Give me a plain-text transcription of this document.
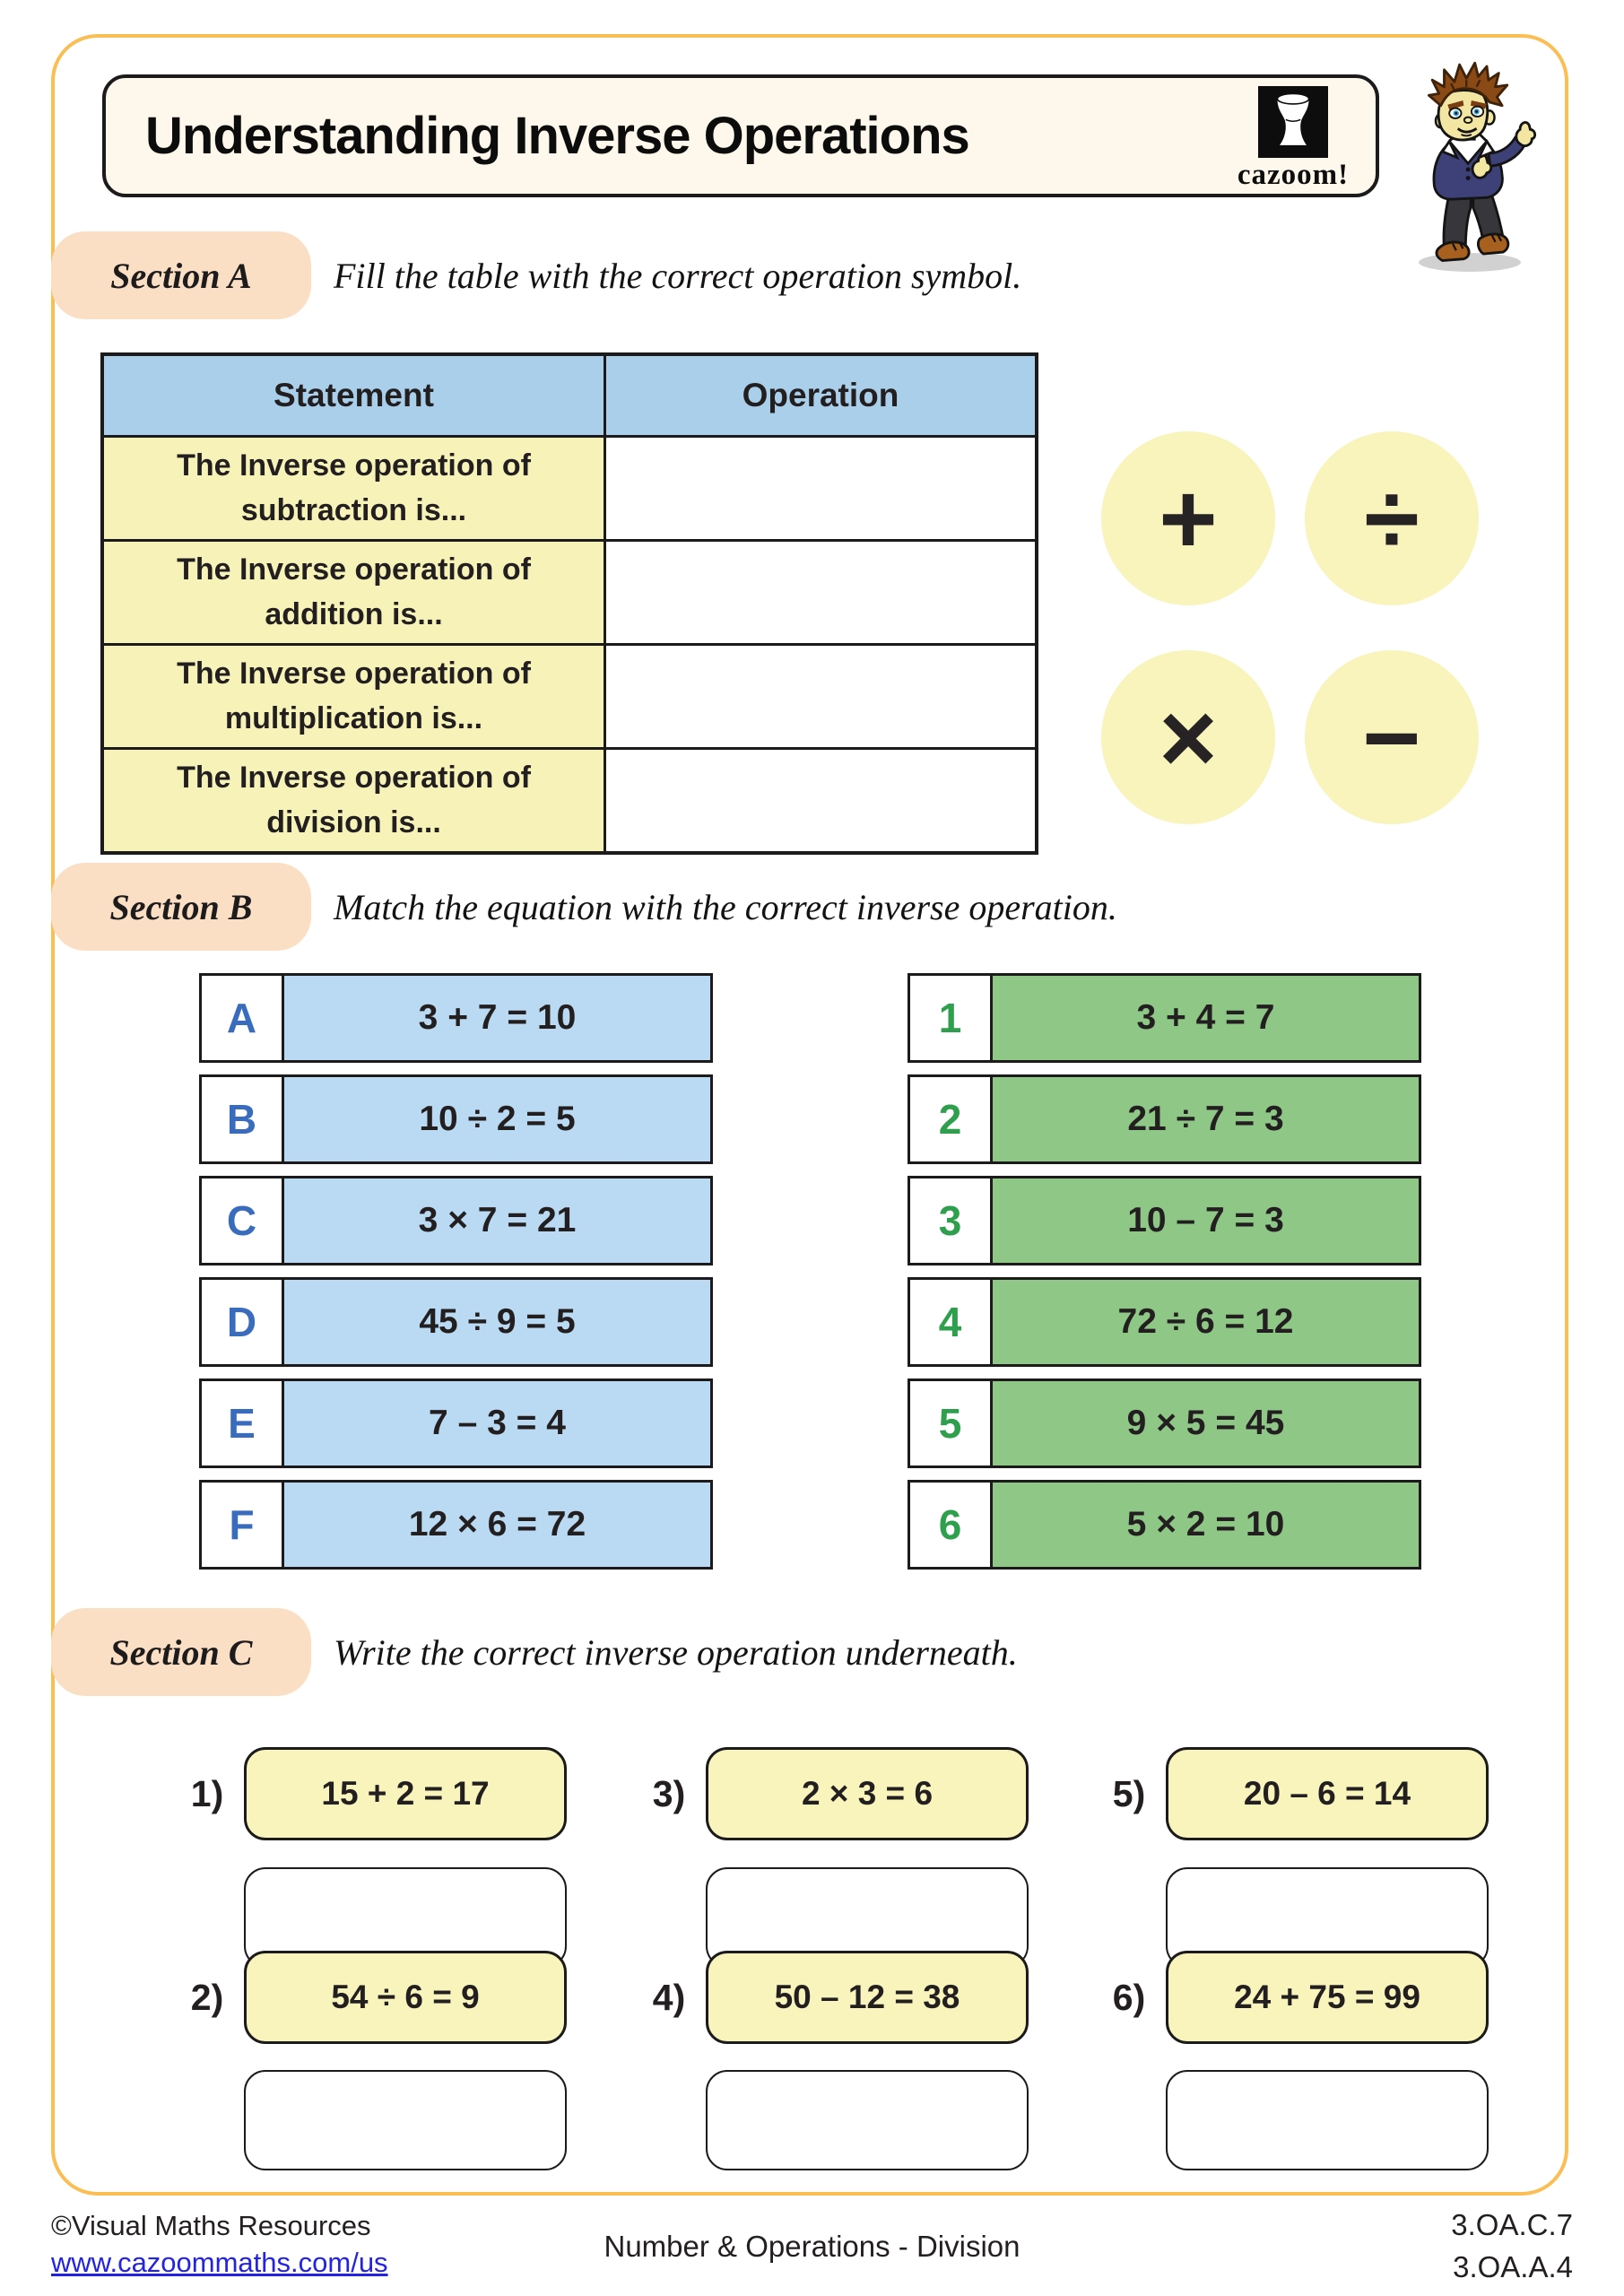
Understanding Inverse Operations
cazoom!
Section A Fill the table with the correct operation symbol.
Statement	Operation
The Inverse operation of
subtraction is...
The Inverse operation of
addition is...
The Inverse operation of
multiplication is...
The Inverse operation of
division is...
+ ÷
× −
Section B Match the equation with the correct inverse operation.
A	3 + 7 = 10
B	10 ÷ 2 = 5
C	3 × 7 = 21
D	45 ÷ 9 = 5
E	7 – 3 = 4
F	12 × 6 = 72
1	3 + 4 = 7
2	21 ÷ 7 = 3
3	10 – 7 = 3
4	72 ÷ 6 = 12
5	9 × 5 = 45
6	5 × 2 = 10
Section C Write the correct inverse operation underneath.
1)	15 + 2 = 17	3)	2 × 3 = 6	5)	20 – 6 = 14
2)	54 ÷ 6 = 9	4)	50 – 12 = 38	6)	24 + 75 = 99
©Visual Maths Resources
www.cazoommaths.com/us	Number & Operations - Division
3.OA.C.7
3.OA.A.4
